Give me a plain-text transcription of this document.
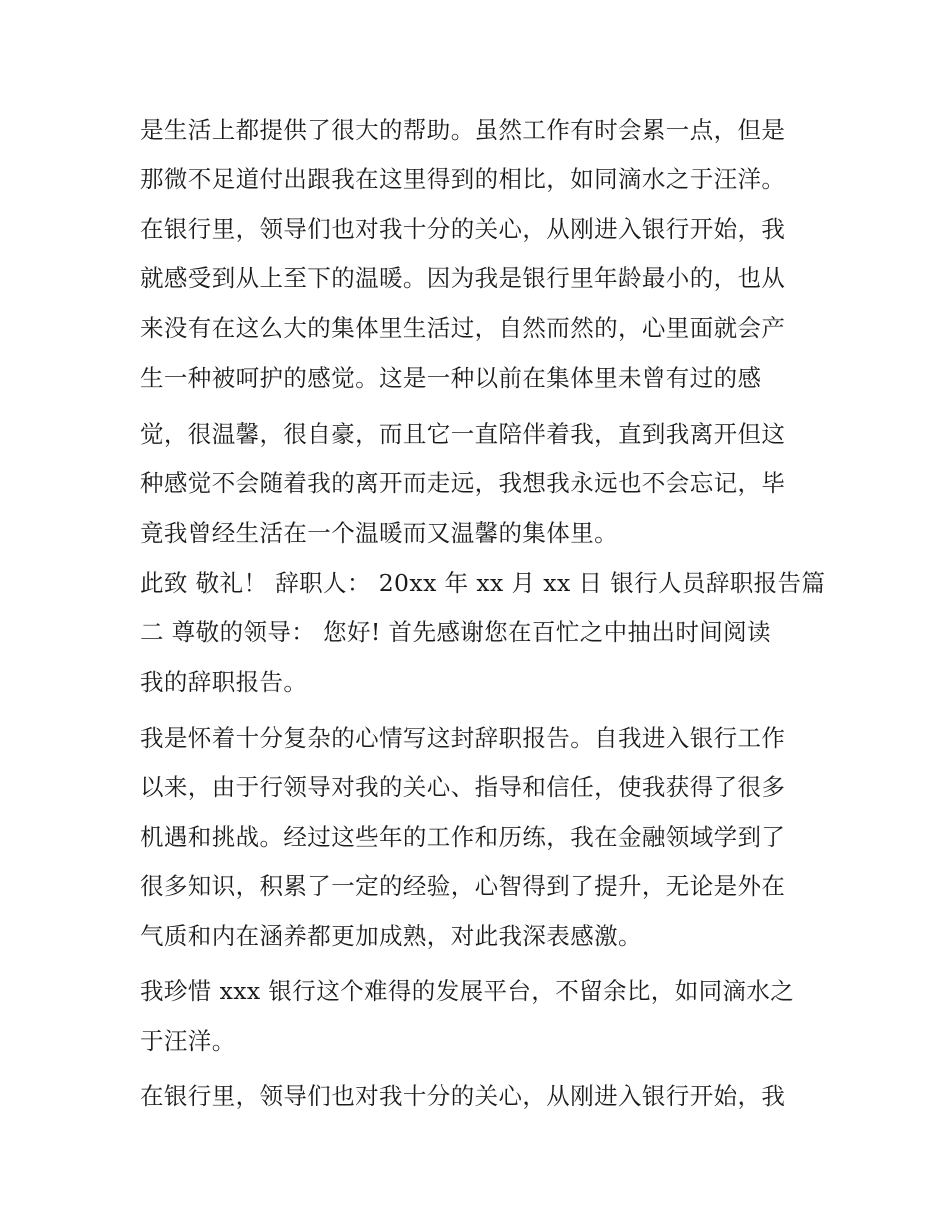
是生活上都提供了很大的帮助。虽然工作有时会累一点，但是
那微不足道付出跟我在这里得到的相比，如同滴水之于汪洋。
在银行里，领导们也对我十分的关心，从刚进入银行开始，我
就感受到从上至下的温暖。因为我是银行里年龄最小的，也从
来没有在这么大的集体里生活过，自然而然的，心里面就会产
生一种被呵护的感觉。这是一种以前在集体里未曾有过的感
觉，很温馨，很自豪，而且它一直陪伴着我，直到我离开但这
种感觉不会随着我的离开而走远，我想我永远也不会忘记，毕
竟我曾经生活在一个温暖而又温馨的集体里。
此致 敬礼！ 辞职人： 20xx 年 xx 月 xx 日 银行人员辞职报告篇
二 尊敬的领导： 您好! 首先感谢您在百忙之中抽出时间阅读
我的辞职报告。
我是怀着十分复杂的心情写这封辞职报告。自我进入银行工作
以来，由于行领导对我的关心、指导和信任，使我获得了很多
机遇和挑战。经过这些年的工作和历练，我在金融领域学到了
很多知识，积累了一定的经验，心智得到了提升，无论是外在
气质和内在涵养都更加成熟，对此我深表感激。
我珍惜 xxx 银行这个难得的发展平台，不留余比，如同滴水之
于汪洋。
在银行里，领导们也对我十分的关心，从刚进入银行开始，我
